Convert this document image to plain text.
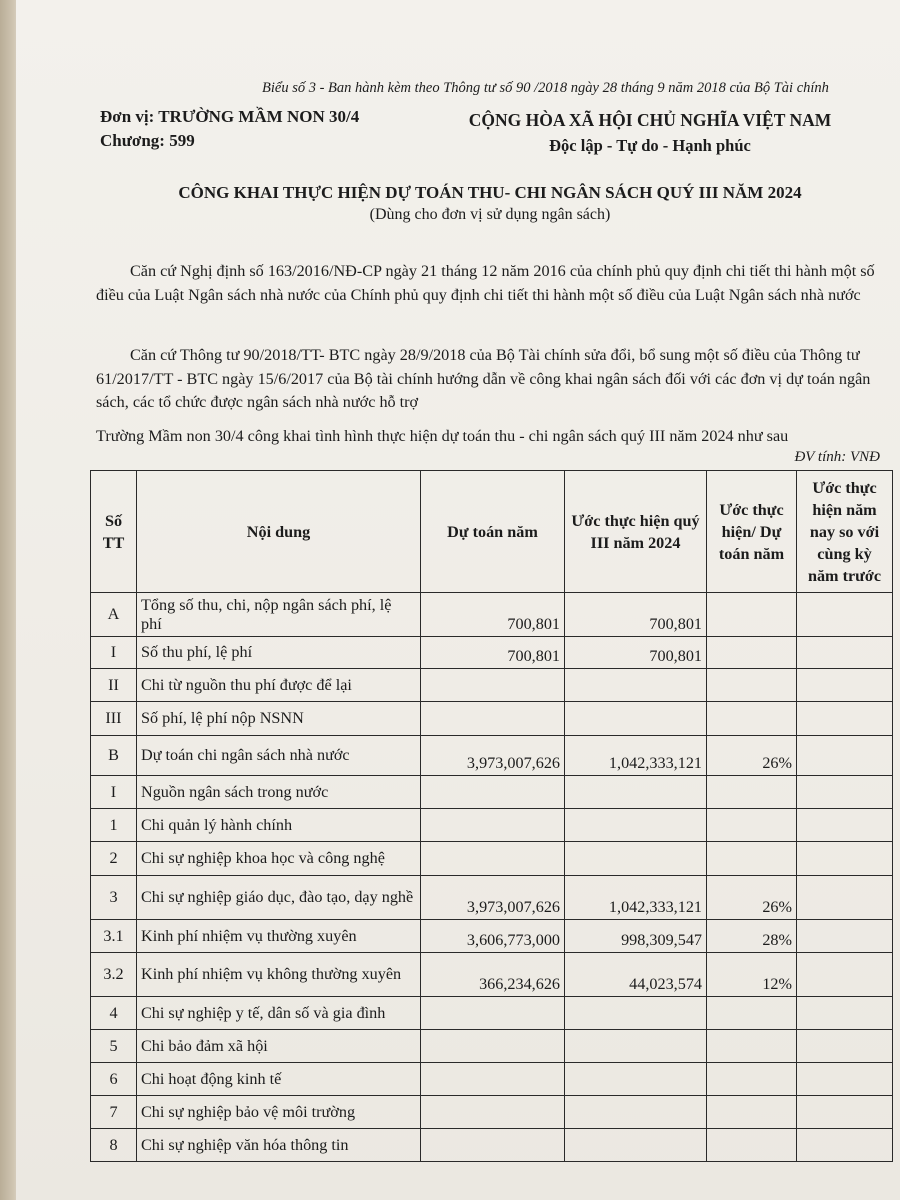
Biểu số 3 - Ban hành kèm theo Thông tư số 90 /2018 ngày 28 tháng 9 năm 2018 của Bộ Tài chính
Đơn vị: TRƯỜNG MẦM NON 30/4
Chương: 599
CỘNG HÒA XÃ HỘI CHỦ NGHĨA VIỆT NAM
Độc lập - Tự do - Hạnh phúc
CÔNG KHAI THỰC HIỆN DỰ TOÁN THU- CHI NGÂN SÁCH QUÝ III NĂM 2024
(Dùng cho đơn vị sử dụng ngân sách)
Căn cứ Nghị định số 163/2016/NĐ-CP ngày 21 tháng 12 năm 2016 của chính phủ quy định chi tiết thi hành một số điều của Luật Ngân sách nhà nước của Chính phủ quy định chi tiết thi hành một số điều của Luật Ngân sách nhà nước
Căn cứ Thông tư 90/2018/TT- BTC ngày 28/9/2018 của Bộ Tài chính sửa đổi, bổ sung một số điều của Thông tư 61/2017/TT - BTC ngày 15/6/2017 của Bộ tài chính hướng dẫn về công khai ngân sách đối với các đơn vị dự toán ngân sách, các tổ chức được ngân sách nhà nước hỗ trợ
Trường Mầm non 30/4 công khai tình hình thực hiện dự toán thu - chi ngân sách quý III năm 2024 như sau
ĐV tính: VNĐ
Số TT	Nội dung	Dự toán năm	Ước thực hiện quý III năm 2024	Ước thực hiện/ Dự toán năm	Ước thực hiện năm nay so với cùng kỳ năm trước
A	Tổng số thu, chi, nộp ngân sách phí, lệ phí	700,801	700,801		
I	Số thu phí, lệ phí	700,801	700,801		
II	Chi từ nguồn thu phí được để lại				
III	Số phí, lệ phí nộp NSNN				
B	Dự toán chi ngân sách nhà nước	3,973,007,626	1,042,333,121	26%	
I	Nguồn ngân sách trong nước				
1	Chi quản lý hành chính				
2	Chi sự nghiệp khoa học và công nghệ				
3	Chi sự nghiệp giáo dục, đào tạo, dạy nghề	3,973,007,626	1,042,333,121	26%	
3.1	Kinh phí nhiệm vụ thường xuyên	3,606,773,000	998,309,547	28%	
3.2	Kinh phí nhiệm vụ không thường xuyên	366,234,626	44,023,574	12%	
4	Chi sự nghiệp y tế, dân số và gia đình				
5	Chi bảo đảm xã hội				
6	Chi hoạt động kinh tế				
7	Chi sự nghiệp bảo vệ môi trường				
8	Chi sự nghiệp văn hóa thông tin				
